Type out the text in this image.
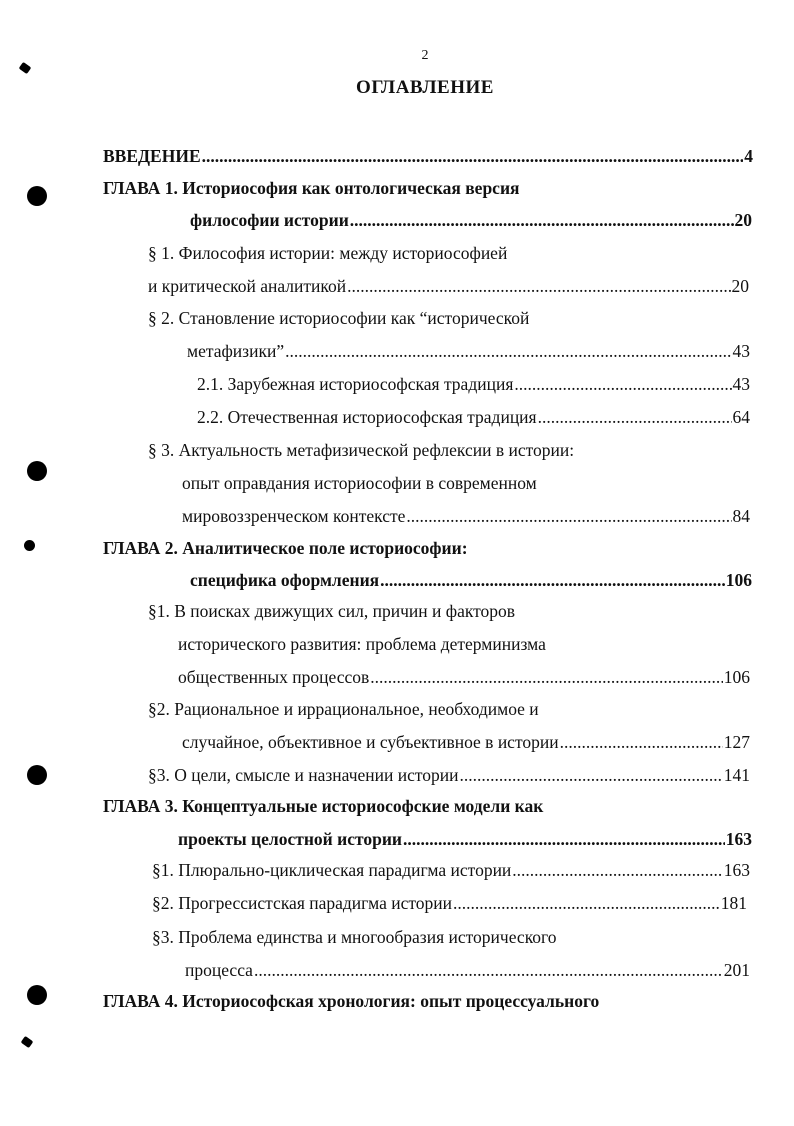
2
ОГЛАВЛЕНИЕ
ВВЕДЕНИЕ .....	4
ГЛАВА 1. Историософия как онтологическая версия
философии истории .....	20
§ 1. Философия истории: между историософией
и критической аналитикой .....	20
§ 2. Становление историософии как “исторической
метафизики” .....	43
2.1. Зарубежная историософская традиция .....	43
2.2. Отечественная историософская традиция .....	64
§ 3. Актуальность метафизической рефлексии в истории:
опыт оправдания историософии в современном
мировоззренческом контексте .....	84
ГЛАВА 2. Аналитическое поле историософии:
специфика оформления .....	106
§1. В поисках движущих сил, причин и факторов
исторического развития: проблема детерминизма
общественных процессов .....	106
§2. Рациональное и иррациональное, необходимое и
случайное, объективное и субъективное в истории .....	127
§3. О цели, смысле и назначении истории .....	141
ГЛАВА 3. Концептуальные историософские модели как
проекты целостной истории .....	163
§1. Плюрально-циклическая парадигма истории .....	163
§2. Прогрессистская парадигма истории .....	181
§3. Проблема единства и многообразия исторического
процесса .....	201
ГЛАВА 4. Историософская хронология: опыт процессуального
